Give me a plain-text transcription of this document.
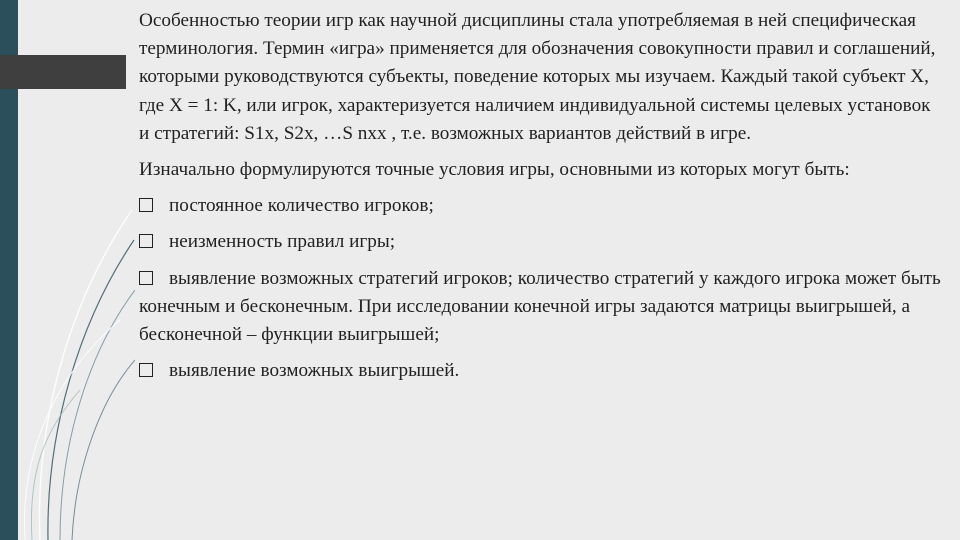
Особенностью теории игр как научной дисциплины стала употребляемая в ней специфическая терминология. Термин «игра» применяется для обозначения совокупности правил и соглашений, которыми руководствуются субъекты, поведение которых мы изучаем. Каждый такой субъект X, где X = 1: K, или игрок, характеризуется наличием индивидуальной системы целевых установок и стратегий: S1x, S2x, …S nxx , т.е. возможных вариантов действий в игре.

Изначально формулируются точные условия игры, основными из которых могут быть:

постоянное количество игроков;

неизменность правил игры;

выявление возможных стратегий игроков; количество стратегий у каждого игрока может быть конечным и бесконечным. При исследовании конечной игры задаются матрицы выигрышей, а бесконечной – функции выигрышей;

выявление возможных выигрышей.
